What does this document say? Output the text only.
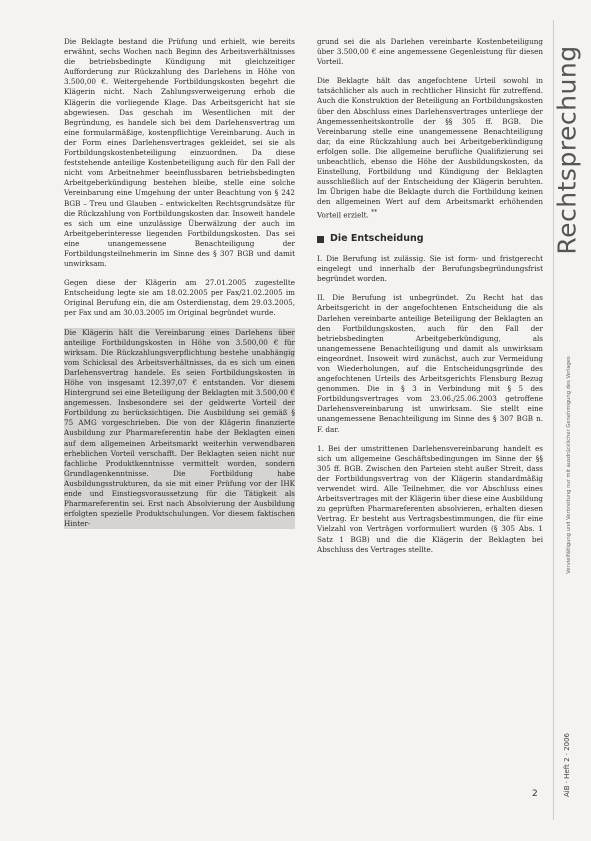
Die Beklagte bestand die Prüfung und erhielt, wie bereits erwähnt, sechs Wochen nach Beginn des Arbeitsverhältnisses die betriebsbedingte Kündigung mit gleichzeitiger Aufforderung zur Rückzahlung des Darlehens in Höhe von 3.500,00 €. Weitergehende Fortbildungskosten begehrt die Klägerin nicht. Nach Zahlungsverweigerung erhob die Klägerin die vorliegende Klage. Das Arbeitsgericht hat sie abgewiesen. Das geschah im Wesentlichen mit der Begründung, es handele sich bei dem Darlehensvertrag um eine formularmäßige, kostenpflichtige Vereinbarung. Auch in der Form eines Darlehensvertrages gekleidet, sei sie als Fortbildungskostenbeteiligung einzuordnen. Da diese feststehende anteilige Kostenbeteiligung auch für den Fall der nicht vom Arbeitnehmer beeinflussbaren betriebsbedingten Arbeitgeberkündigung bestehen bleibe, stelle eine solche Vereinbarung eine Umgehung der unter Beachtung von § 242 BGB – Treu und Glauben – entwickelten Rechtsgrundsätze für die Rückzahlung von Fortbildungskosten dar. Insoweit handele es sich um eine unzulässige Überwälzung der auch im Arbeitgeberinteresse liegenden Fortbildungskosten. Das sei eine unangemessene Benachteiligung der Fortbildungsteilnehmerin im Sinne des § 307 BGB und damit unwirksam.

Gegen diese der Klägerin am 27.01.2005 zugestellte Entscheidung legte sie am 18.02.2005 per Fax/21.02.2005 im Original Berufung ein, die am Osterdienstag, dem 29.03.2005, per Fax und am 30.03.2005 im Original begründet wurde.

Die Klägerin hält die Vereinbarung eines Darlehens über anteilige Fortbildungskosten in Höhe von 3.500,00 € für wirksam. Die Rückzahlungsverpflichtung bestehe unabhängig vom Schicksal des Arbeitsverhältnisses, da es sich um einen Darlehensvertrag handele. Es seien Fortbildungskosten in Höhe von insgesamt 12.397,07 € entstanden. Vor diesem Hintergrund sei eine Beteiligung der Beklagten mit 3.500,00 € angemessen. Insbesondere sei der geldwerte Vorteil der Fortbildung zu berücksichtigen. Die Ausbildung sei gemäß § 75 AMG vorgeschrieben. Die von der Klägerin finanzierte Ausbildung zur Pharmareferentin habe der Beklagten einen auf dem allgemeinen Arbeitsmarkt weiterhin verwendbaren erheblichen Vorteil verschafft. Der Beklagten seien nicht nur fachliche Produktkenntnisse vermittelt worden, sondern Grundlagenkenntnisse. Die Fortbildung habe Ausbildungsstrukturen, da sie mit einer Prüfung vor der IHK ende und Einstiegsvoraussetzung für die Tätigkeit als Pharmareferentin sei. Erst nach Absolvierung der Ausbildung erfolgten spezielle Produktschulungen. Vor diesem faktischen Hinter-

grund sei die als Darlehen vereinbarte Kostenbeteiligung über 3.500,00 € eine angemessene Gegenleistung für diesen Vorteil.

Die Beklagte hält das angefochtene Urteil sowohl in tatsächlicher als auch in rechtlicher Hinsicht für zutreffend. Auch die Konstruktion der Beteiligung an Fortbildungskosten über den Abschluss eines Darlehensvertrages unterliege der Angemessenheitskontrolle der §§ 305 ff. BGB. Die Vereinbarung stelle eine unangemessene Benachteiligung dar, da eine Rückzahlung auch bei Arbeitgeberkündigung erfolgen solle. Die allgemeine berufliche Qualifizierung sei unbeachtlich, ebenso die Höhe der Ausbildungskosten, da Einstellung, Fortbildung und Kündigung der Beklagten ausschließlich auf der Entscheidung der Klägerin beruhten. Im Übrigen habe die Beklagte durch die Fortbildung keinen den allgemeinen Wert auf dem Arbeitsmarkt erhöhenden Vorteil erzielt. **

Die Entscheidung

I. Die Berufung ist zulässig. Sie ist form- und fristgerecht eingelegt und innerhalb der Berufungsbegründungsfrist begründet worden.

II. Die Berufung ist unbegründet. Zu Recht hat das Arbeitsgericht in der angefochtenen Entscheidung die als Darlehen vereinbarte anteilige Beteiligung der Beklagten an den Fortbildungskosten, auch für den Fall der betriebsbedingten Arbeitgeberkündigung, als unangemessene Benachteiligung und damit als unwirksam eingeordnet. Insoweit wird zunächst, auch zur Vermeidung von Wiederholungen, auf die Entscheidungsgründe des angefochtenen Urteils des Arbeitsgerichts Flensburg Bezug genommen. Die in § 3 in Verbindung mit § 5 des Fortbildungsvertrages vom 23.06./25.06.2003 getroffene Darlehensvereinbarung ist unwirksam. Sie stellt eine unangemessene Benachteiligung im Sinne des § 307 BGB n. F. dar.

1. Bei der umstrittenen Darlehensvereinbarung handelt es sich um allgemeine Geschäftsbedingungen im Sinne der §§ 305 ff. BGB. Zwischen den Parteien steht außer Streit, dass der Fortbildungsvertrag von der Klägerin standardmäßig verwendet wird. Alle Teilnehmer, die vor Abschluss eines Arbeitsvertrages mit der Klägerin über diese eine Ausbildung zu geprüften Pharmareferenten absolvieren, erhalten diesen Vertrag. Er besteht aus Vertragsbestimmungen, die für eine Vielzahl von Verträgen vorformuliert wurden (§ 305 Abs. 1 Satz 1 BGB) und die die Klägerin der Beklagten bei Abschluss des Vertrages stellte.

Rechtsprechung
Vervielfältigung und Verbreitung nur mit ausdrücklicher Genehmigung des Verlages
AiB · Heft 2 · 2006
2
